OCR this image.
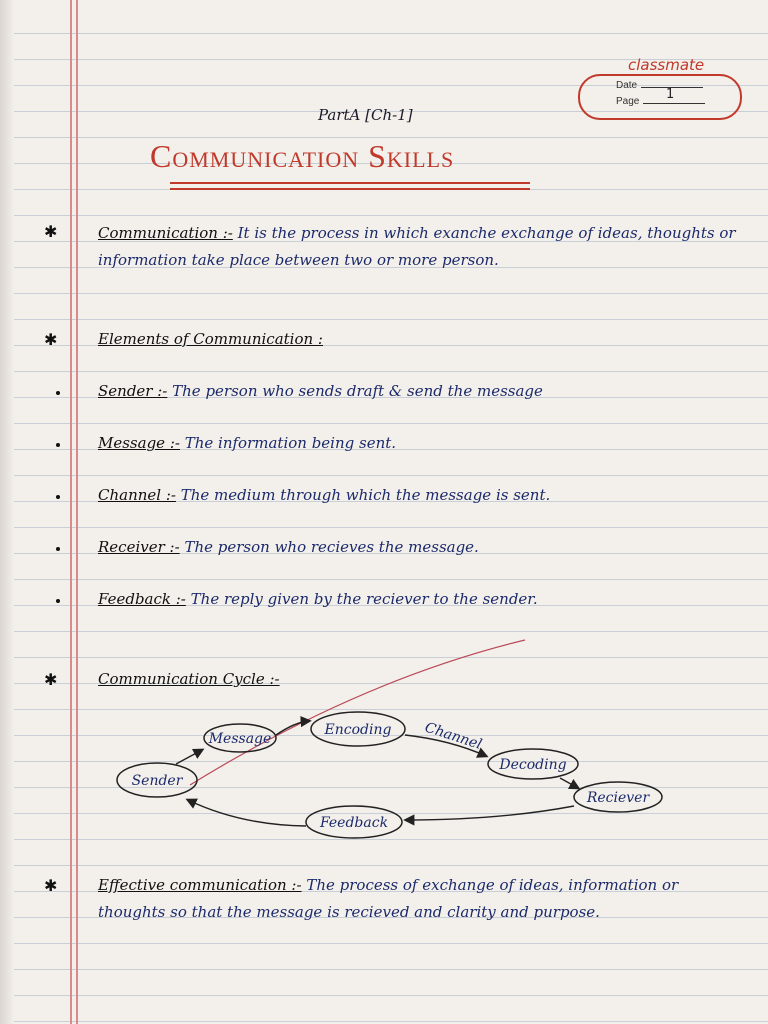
classmate
Date
Page	1
PartA [Ch-1]
Communication Skills
✱	Communication :- It is the process in which exanche exchange of ideas, thoughts or information take place between two or more person.
✱	Elements of Communication :
Sender :- The person who sends draft & send the message
Message :- The information being sent.
Channel :- The medium through which the message is sent.
Receiver :- The person who recieves the message.
Feedback :- The reply given by the reciever to the sender.
✱	Communication Cycle :-
Sender
Message
Encoding
Decoding
Reciever
Feedback
Channel
✱	Effective communication :- The process of exchange of ideas, information or thoughts so that the message is recieved and clarity and purpose.
